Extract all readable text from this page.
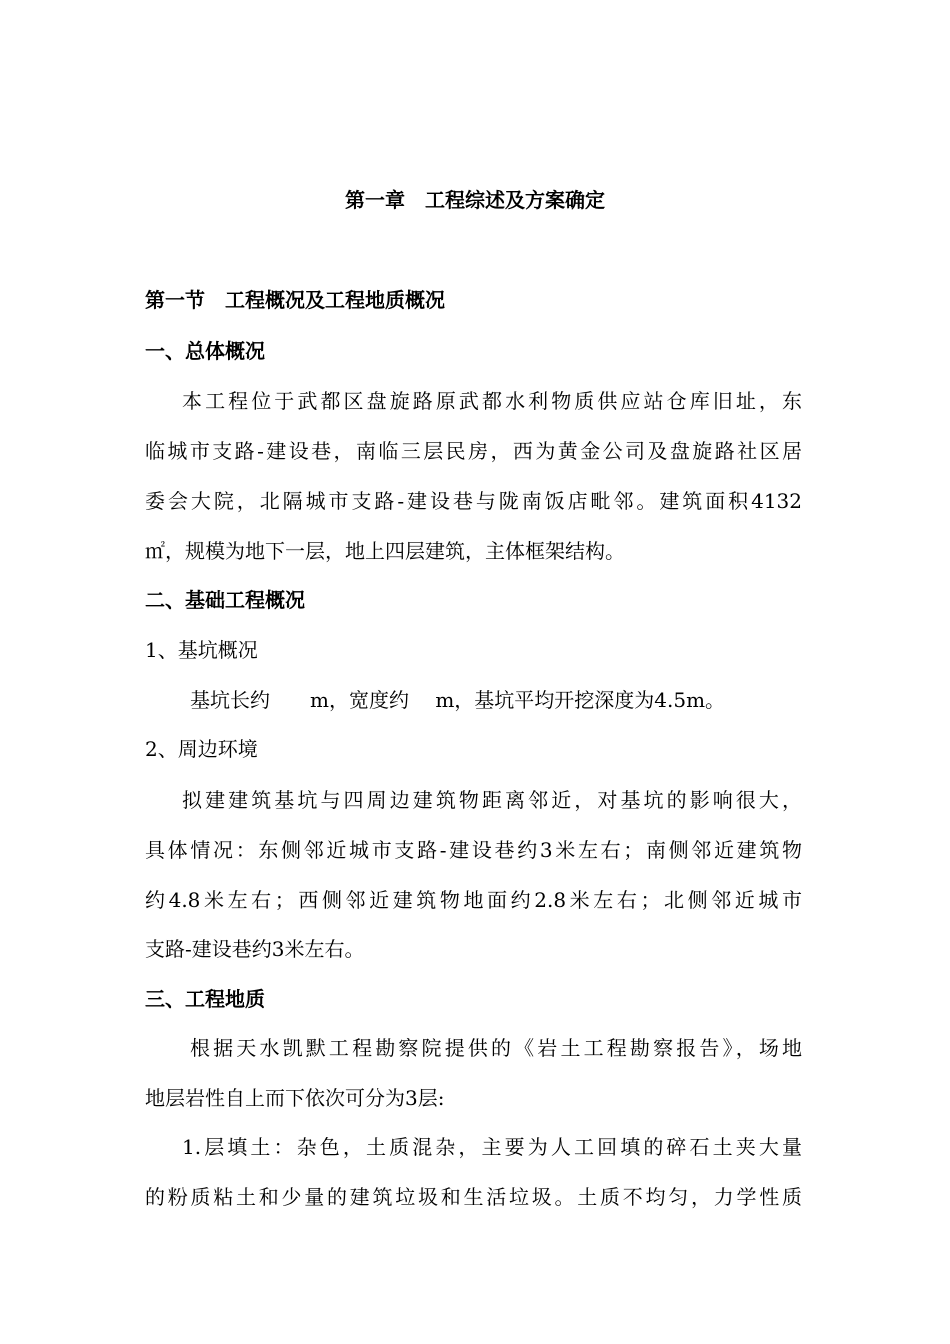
第一章　工程综述及方案确定
第一节　工程概况及工程地质概况
一、总体概况
本工程位于武都区盘旋路原武都水利物质供应站仓库旧址，东
临城市支路-建设巷，南临三层民房，西为黄金公司及盘旋路社区居
委会大院，北隔城市支路-建设巷与陇南饭店毗邻。建筑面积4132
㎡，规模为地下一层，地上四层建筑，主体框架结构。
二、基础工程概况
1、基坑概况
基坑长约　　m，宽度约　 m，基坑平均开挖深度为4.5m。
2、周边环境
拟建建筑基坑与四周边建筑物距离邻近，对基坑的影响很大，
具体情况：东侧邻近城市支路-建设巷约3米左右；南侧邻近建筑物
约4.8米左右；西侧邻近建筑物地面约2.8米左右；北侧邻近城市
支路-建设巷约3米左右。
三、工程地质
根据天水凯默工程勘察院提供的《岩土工程勘察报告》，场地
地层岩性自上而下依次可分为3层:
1.层填土：杂色，土质混杂，主要为人工回填的碎石土夹大量
的粉质粘土和少量的建筑垃圾和生活垃圾。土质不均匀，力学性质
